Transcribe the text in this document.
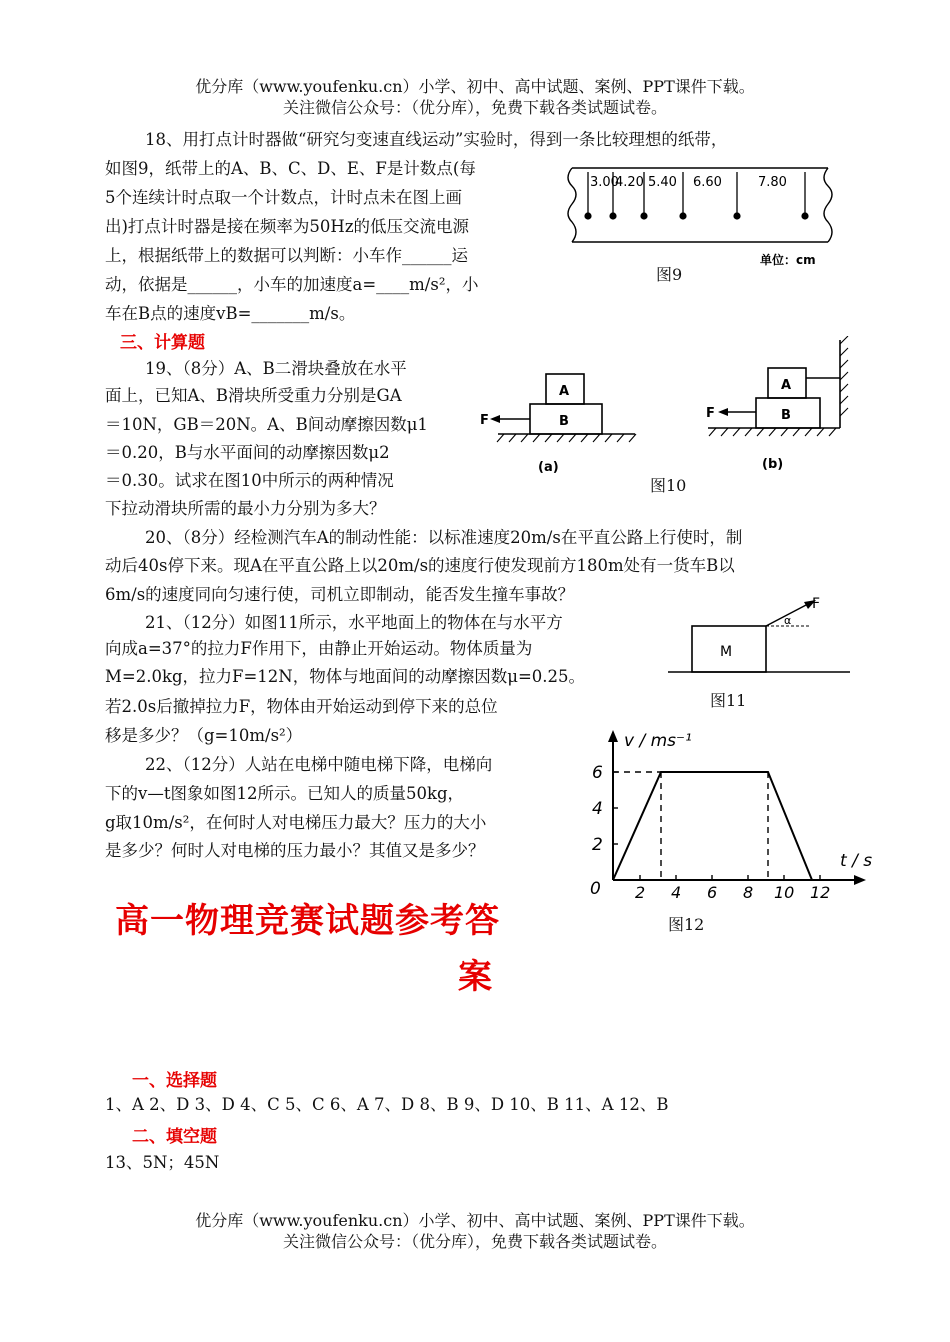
优分库（www.youfenku.cn）小学、初中、高中试题、案例、PPT课件下载。
关注微信公众号：（优分库），免费下载各类试题试卷。
18、用打点计时器做“研究匀变速直线运动”实验时，得到一条比较理想的纸带，
如图9，纸带上的A、B、C、D、E、F是计数点(每
5个连续计时点取一个计数点，计时点未在图上画
出)打点计时器是接在频率为50Hz的低压交流电源
上，根据纸带上的数据可以判断：小车作______运
动，依据是______，小车的加速度a=____m/s²，小
车在B点的速度vB=_______m/s。
3.00
4.20 5.40 6.60	7.80
单位：cm
图9
三、计算题
19、（8分）A、B二滑块叠放在水平
面上，已知A、B滑块所受重力分别是GA
＝10N，GB＝20N。A、B间动摩擦因数μ1
＝0.20，B与水平面间的动摩擦因数μ2
＝0.30。试求在图10中所示的两种情况
下拉动滑块所需的最小力分别为多大？
A
B
F
(a)
A
B
F
(b)
图10
20、（8分）经检测汽车A的制动性能：以标准速度20m/s在平直公路上行使时，制
动后40s停下来。现A在平直公路上以20m/s的速度行使发现前方180m处有一货车B以
6m/s的速度同向匀速行使，司机立即制动，能否发生撞车事故？
21、（12分）如图11所示，水平地面上的物体在与水平方
向成a=37°的拉力F作用下，由静止开始运动。物体质量为
M=2.0kg，拉力F=12N，物体与地面间的动摩擦因数μ=0.25。
若2.0s后撤掉拉力F，物体由开始运动到停下来的总位
移是多少？（g=10m/s²）
M
F
α
图11
22、（12分）人站在电梯中随电梯下降，电梯向
下的v—t图象如图12所示。已知人的质量50kg，
g取10m/s²，在何时人对电梯压力最大？压力的大小
是多少？何时人对电梯的压力最小？其值又是多少？
v / ms⁻¹
t / s
0
2
4
6
2 4 6 8 10 12
图12
高一物理竞赛试题参考答
案
一、选择题
1、A 2、D 3、D 4、C 5、C 6、A 7、D 8、B 9、D 10、B 11、A 12、B
二、填空题
13、5N；45N
优分库（www.youfenku.cn）小学、初中、高中试题、案例、PPT课件下载。
关注微信公众号：（优分库），免费下载各类试题试卷。
